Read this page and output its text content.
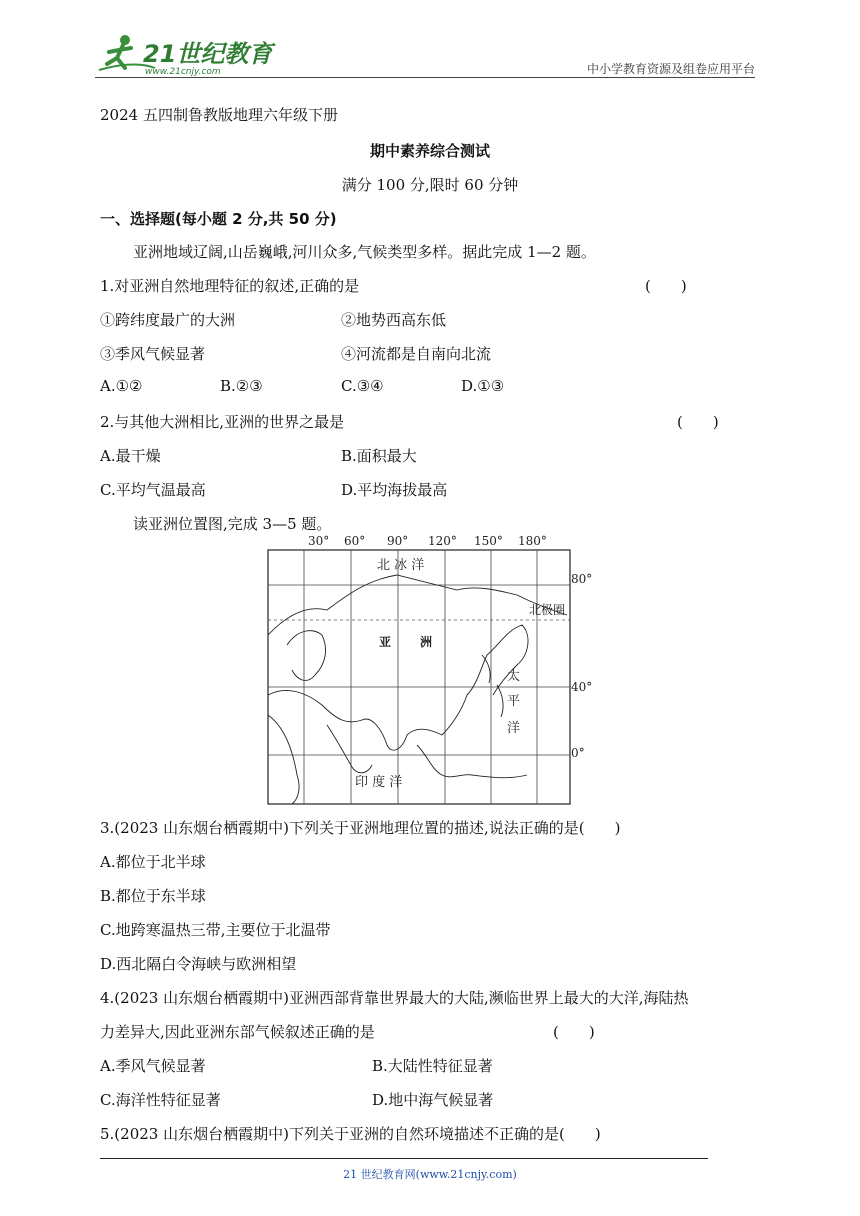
21世纪教育
www.21cnjy.com	中小学教育资源及组卷应用平台
2024 五四制鲁教版地理六年级下册
期中素养综合测试
满分 100 分,限时 60 分钟
一、选择题(每小题 2 分,共 50 分)
亚洲地域辽阔,山岳巍峨,河川众多,气候类型多样。据此完成 1—2 题。
1.对亚洲自然地理特征的叙述,正确的是	(　　)
①跨纬度最广的大洲	②地势西高东低
③季风气候显著	④河流都是自南向北流
A.①②	B.②③	C.③④	D.①③
2.与其他大洲相比,亚洲的世界之最是	(　　)
A.最干燥	B.面积最大
C.平均气温最高	D.平均海拔最高
读亚洲位置图,完成 3—5 题。
30° 60° 90° 120° 150° 180°
80°
40°
0°
北 冰 洋
北极圈
亚 洲
太
平
洋
印 度 洋
3.(2023 山东烟台栖霞期中)下列关于亚洲地理位置的描述,说法正确的是(　　)
A.都位于北半球
B.都位于东半球
C.地跨寒温热三带,主要位于北温带
D.西北隔白令海峡与欧洲相望
4.(2023 山东烟台栖霞期中)亚洲西部背靠世界最大的大陆,濒临世界上最大的大洋,海陆热
力差异大,因此亚洲东部气候叙述正确的是	(　　)
A.季风气候显著	B.大陆性特征显著
C.海洋性特征显著	D.地中海气候显著
5.(2023 山东烟台栖霞期中)下列关于亚洲的自然环境描述不正确的是(　　)
21 世纪教育网(www.21cnjy.com)
